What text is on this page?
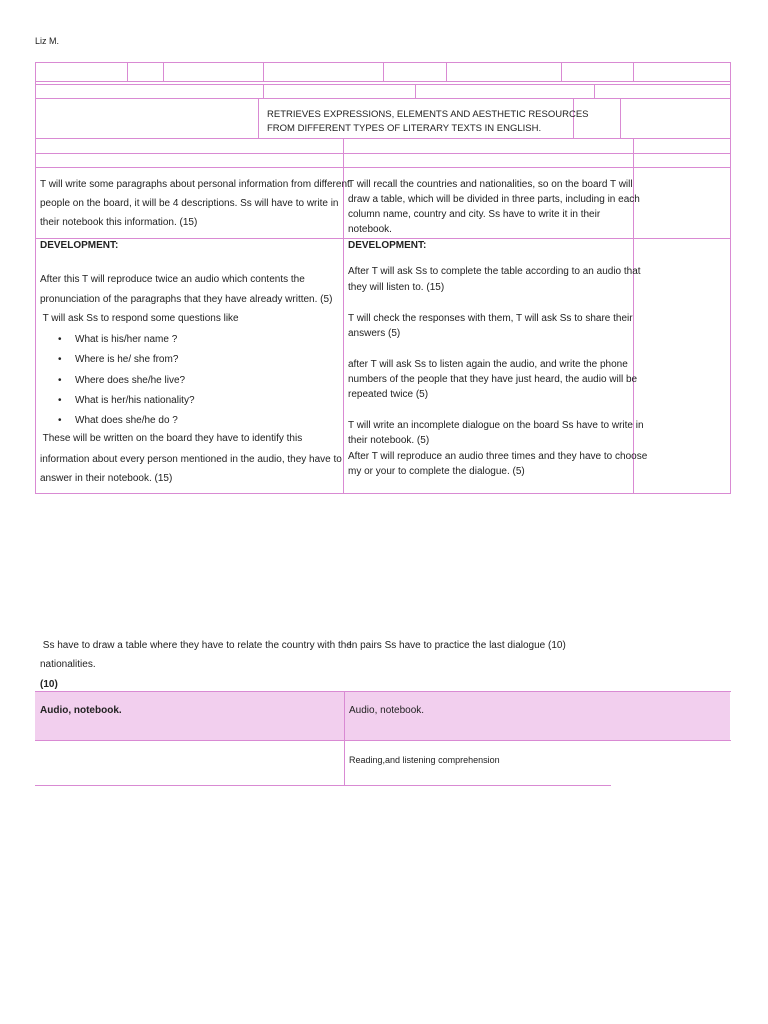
Liz M.
RETRIEVES EXPRESSIONS, ELEMENTS AND AESTHETIC RESOURCES
FROM DIFFERENT TYPES OF LITERARY TEXTS IN ENGLISH.
T will write some paragraphs about personal information from different
people on the board, it will be 4 descriptions. Ss will have to write in
their notebook this information. (15)
DEVELOPMENT:
After this T will reproduce twice an audio which contents the
pronunciation of the paragraphs that they have already written. (5)
T will ask Ss to respond some questions like
• What is his/her name ?
• Where is he/ she from?
• Where does she/he live?
• What is her/his nationality?
• What does she/he do ?
These will be written on the board they have to identify this
information about every person mentioned in the audio, they have to
answer in their notebook. (15)
T will recall the countries and nationalities, so on the board T will
draw a table, which will be divided in three parts, including in each
column name, country and city. Ss have to write it in their
notebook.
DEVELOPMENT:
After T will ask Ss to complete the table according to an audio that
they will listen to. (15)
T will check the responses with them, T will ask Ss to share their
answers (5)
after T will ask Ss to listen again the audio, and write the phone
numbers of the people that they have just heard, the audio will be
repeated twice (5)
T will write an incomplete dialogue on the board Ss have to write in
their notebook. (5)
After T will reproduce an audio three times and they have to choose
my or your to complete the dialogue. (5)
Ss have to draw a table where they have to relate the country with the
nationalities.
(10)
In pairs Ss have to practice the last dialogue (10)
Audio, notebook.	Audio, notebook.
Reading,and listening comprehension
